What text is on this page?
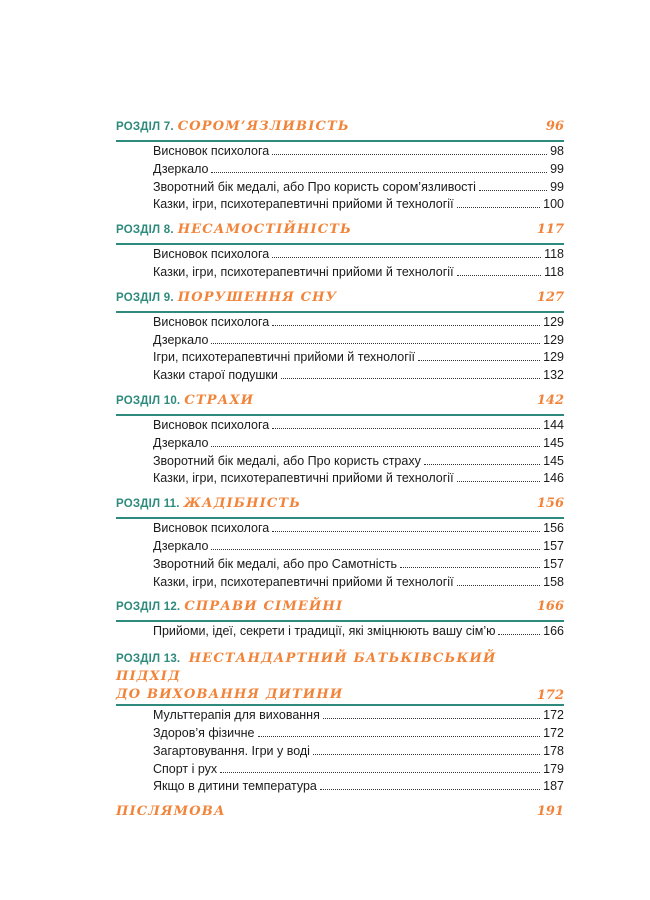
РОЗДІЛ 7. СОРОМ’ЯЗЛИВІСТЬ	96
Висновок психолога	98
Дзеркало	99
Зворотний бік медалі, або Про користь сором’язливості	99
Казки, ігри, психотерапевтичні прийоми й технології	100
РОЗДІЛ 8. НЕСАМОСТІЙНІСТЬ	117
Висновок психолога	118
Казки, ігри, психотерапевтичні прийоми й технології	118
РОЗДІЛ 9. ПОРУШЕННЯ СНУ	127
Висновок психолога	129
Дзеркало	129
Ігри, психотерапевтичні прийоми й технології	129
Казки старої подушки	132
РОЗДІЛ 10. СТРАХИ	142
Висновок психолога	144
Дзеркало	145
Зворотний бік медалі, або Про користь страху	145
Казки, ігри, психотерапевтичні прийоми й технології	146
РОЗДІЛ 11. ЖАДІБНІСТЬ	156
Висновок психолога	156
Дзеркало	157
Зворотний бік медалі, або про Самотність	157
Казки, ігри, психотерапевтичні прийоми й технології	158
РОЗДІЛ 12. СПРАВИ СІМЕЙНІ	166
Прийоми, ідеї, секрети і традиції, які зміцнюють вашу сім’ю	166
РОЗДІЛ 13. НЕСТАНДАРТНИЙ БАТЬКІВСЬКИЙ ПІДХІД
ДО ВИХОВАННЯ ДИТИНИ	172
Мульттерапія для виховання	172
Здоров’я фізичне	172
Загартовування. Ігри у воді	178
Спорт і рух	179
Якщо в дитини температура	187
ПІСЛЯМОВА	191
